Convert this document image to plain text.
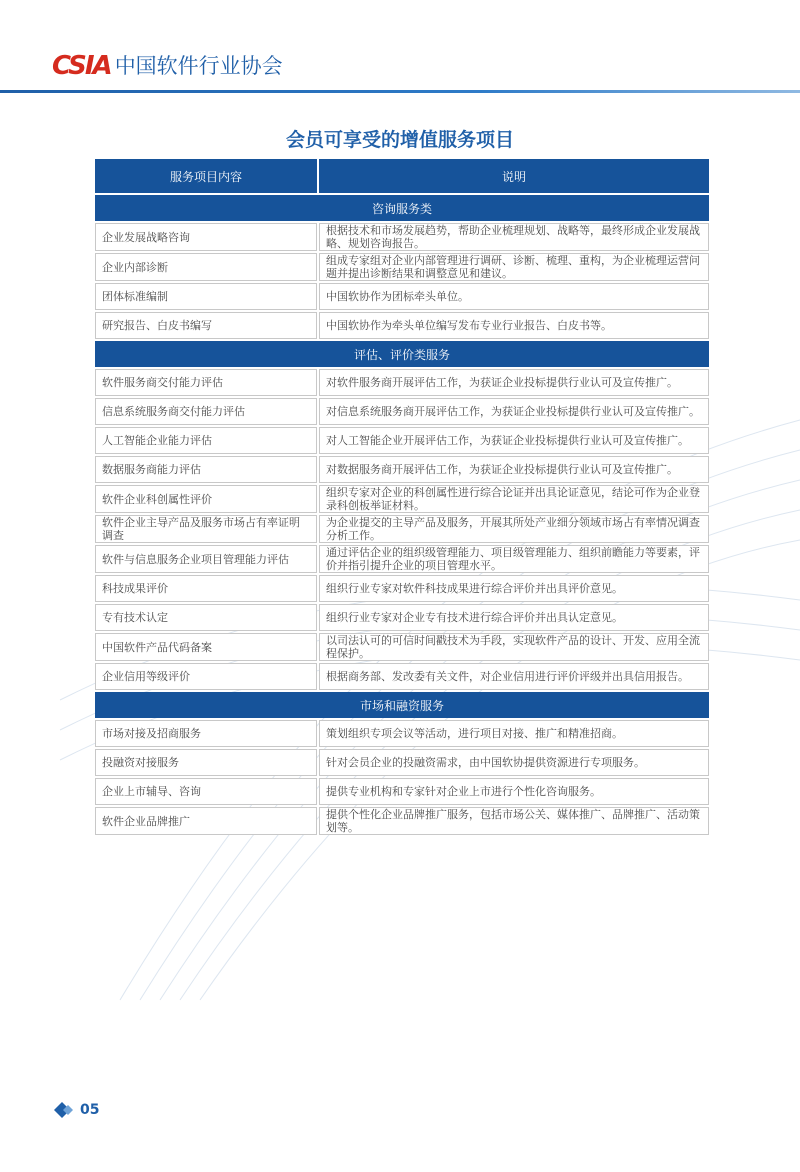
CSIA 中国软件行业协会
会员可享受的增值服务项目
服务项目内容	说明
咨询服务类	
企业发展战略咨询	根据技术和市场发展趋势，帮助企业梳理规划、战略等，最终形成企业发展战略、规划咨询报告。
企业内部诊断	组成专家组对企业内部管理进行调研、诊断、梳理、重构，为企业梳理运营问题并提出诊断结果和调整意见和建议。
团体标准编制	中国软协作为团标牵头单位。
研究报告、白皮书编写	中国软协作为牵头单位编写发布专业行业报告、白皮书等。
评估、评价类服务	
软件服务商交付能力评估	对软件服务商开展评估工作，为获证企业投标提供行业认可及宣传推广。
信息系统服务商交付能力评估	对信息系统服务商开展评估工作，为获证企业投标提供行业认可及宣传推广。
人工智能企业能力评估	对人工智能企业开展评估工作，为获证企业投标提供行业认可及宣传推广。
数据服务商能力评估	对数据服务商开展评估工作，为获证企业投标提供行业认可及宣传推广。
软件企业科创属性评价	组织专家对企业的科创属性进行综合论证并出具论证意见，结论可作为企业登录科创板举证材料。
软件企业主导产品及服务市场占有率证明调查	为企业提交的主导产品及服务，开展其所处产业细分领域市场占有率情况调查分析工作。
软件与信息服务企业项目管理能力评估	通过评估企业的组织级管理能力、项目级管理能力、组织前瞻能力等要素，评价并指引提升企业的项目管理水平。
科技成果评价	组织行业专家对软件科技成果进行综合评价并出具评价意见。
专有技术认定	组织行业专家对企业专有技术进行综合评价并出具认定意见。
中国软件产品代码备案	以司法认可的可信时间戳技术为手段，实现软件产品的设计、开发、应用全流程保护。
企业信用等级评价	根据商务部、发改委有关文件，对企业信用进行评价评级并出具信用报告。
市场和融资服务	
市场对接及招商服务	策划组织专项会议等活动，进行项目对接、推广和精准招商。
投融资对接服务	针对会员企业的投融资需求，由中国软协提供资源进行专项服务。
企业上市辅导、咨询	提供专业机构和专家针对企业上市进行个性化咨询服务。
软件企业品牌推广	提供个性化企业品牌推广服务，包括市场公关、媒体推广、品牌推广、活动策划等。
05
